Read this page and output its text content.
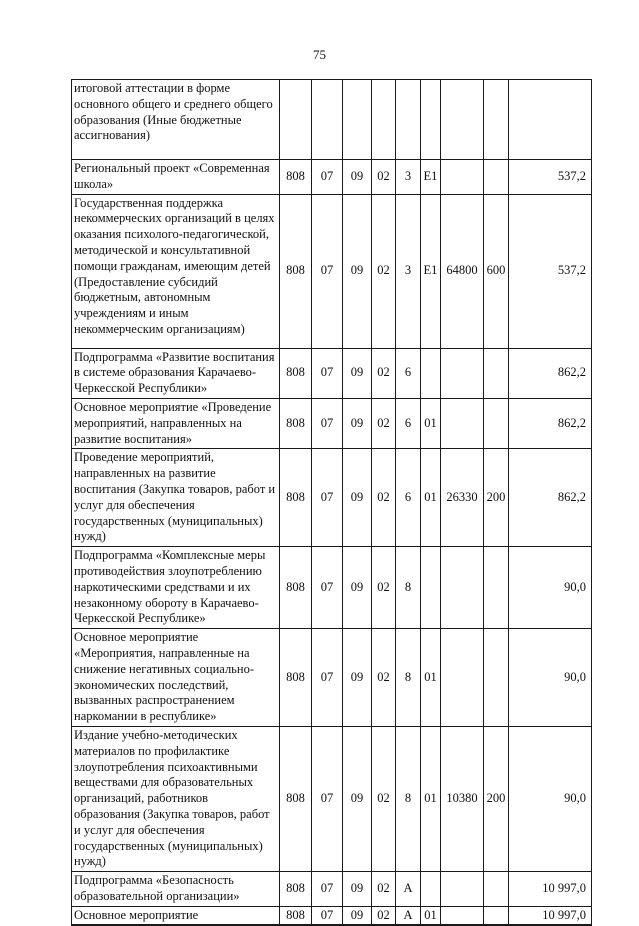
75
итоговой аттестации в форме основного общего и среднего общего образования (Иные бюджетные ассигнования)									
Региональный проект «Современная школа»	808	07	09	02	3	E1			537,2
Государственная поддержка некоммерческих организаций в целях оказания психолого-педагогической, методической и консультативной помощи гражданам, имеющим детей (Предоставление субсидий бюджетным, автономным учреждениям и иным некоммерческим организациям)	808	07	09	02	3	E1	64800	600	537,2
Подпрограмма «Развитие воспитания в системе образования Карачаево-Черкесской Республики»	808	07	09	02	6				862,2
Основное мероприятие «Проведение мероприятий, направленных на развитие воспитания»	808	07	09	02	6	01			862,2
Проведение мероприятий, направленных на развитие воспитания (Закупка товаров, работ и услуг для обеспечения государственных (муниципальных) нужд)	808	07	09	02	6	01	26330	200	862,2
Подпрограмма «Комплексные меры противодействия злоупотреблению наркотическими средствами и их незаконному обороту в Карачаево-Черкесской Республике»	808	07	09	02	8				90,0
Основное мероприятие «Мероприятия, направленные на снижение негативных социально-экономических последствий, вызванных распространением наркомании в республике»	808	07	09	02	8	01			90,0
Издание учебно-методических материалов по профилактике злоупотребления психоактивными веществами для образовательных организаций, работников образования (Закупка товаров, работ и услуг для обеспечения государственных (муниципальных) нужд)	808	07	09	02	8	01	10380	200	90,0
Подпрограмма «Безопасность образовательной организации»	808	07	09	02	А				10 997,0
Основное мероприятие	808	07	09	02	А	01			10 997,0
